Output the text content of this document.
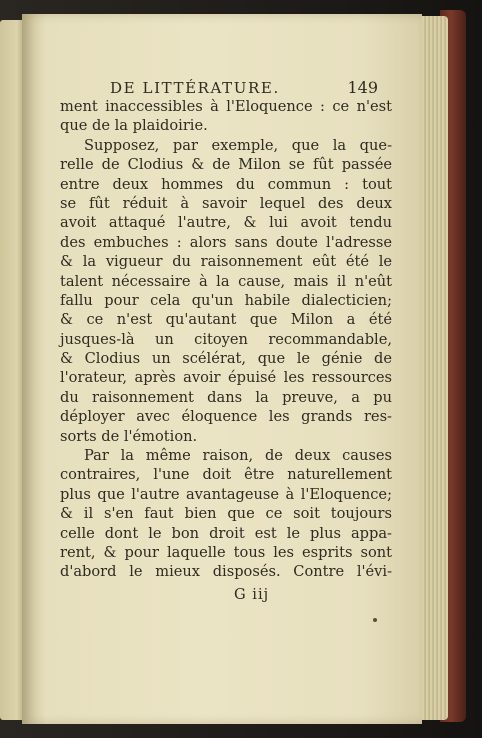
DE LITTÉRATURE.	149
ment inaccessibles à l'Eloquence : ce n'est
que de la plaidoirie.
Supposez, par exemple, que la que-
relle de Clodius & de Milon se fût passée
entre deux hommes du commun : tout
se fût réduit à savoir lequel des deux
avoit attaqué l'autre, & lui avoit tendu
des embuches : alors sans doute l'adresse
& la vigueur du raisonnement eût été le
talent nécessaire à la cause, mais il n'eût
fallu pour cela qu'un habile dialecticien;
& ce n'est qu'autant que Milon a été
jusques-là un citoyen recommandable,
& Clodius un scélérat, que le génie de
l'orateur, après avoir épuisé les ressources
du raisonnement dans la preuve, a pu
déployer avec éloquence les grands res-
sorts de l'émotion.
Par la même raison, de deux causes
contraires, l'une doit être naturellement
plus que l'autre avantageuse à l'Eloquence;
& il s'en faut bien que ce soit toujours
celle dont le bon droit est le plus appa-
rent, & pour laquelle tous les esprits sont
d'abord le mieux disposés. Contre l'évi-
G iij
